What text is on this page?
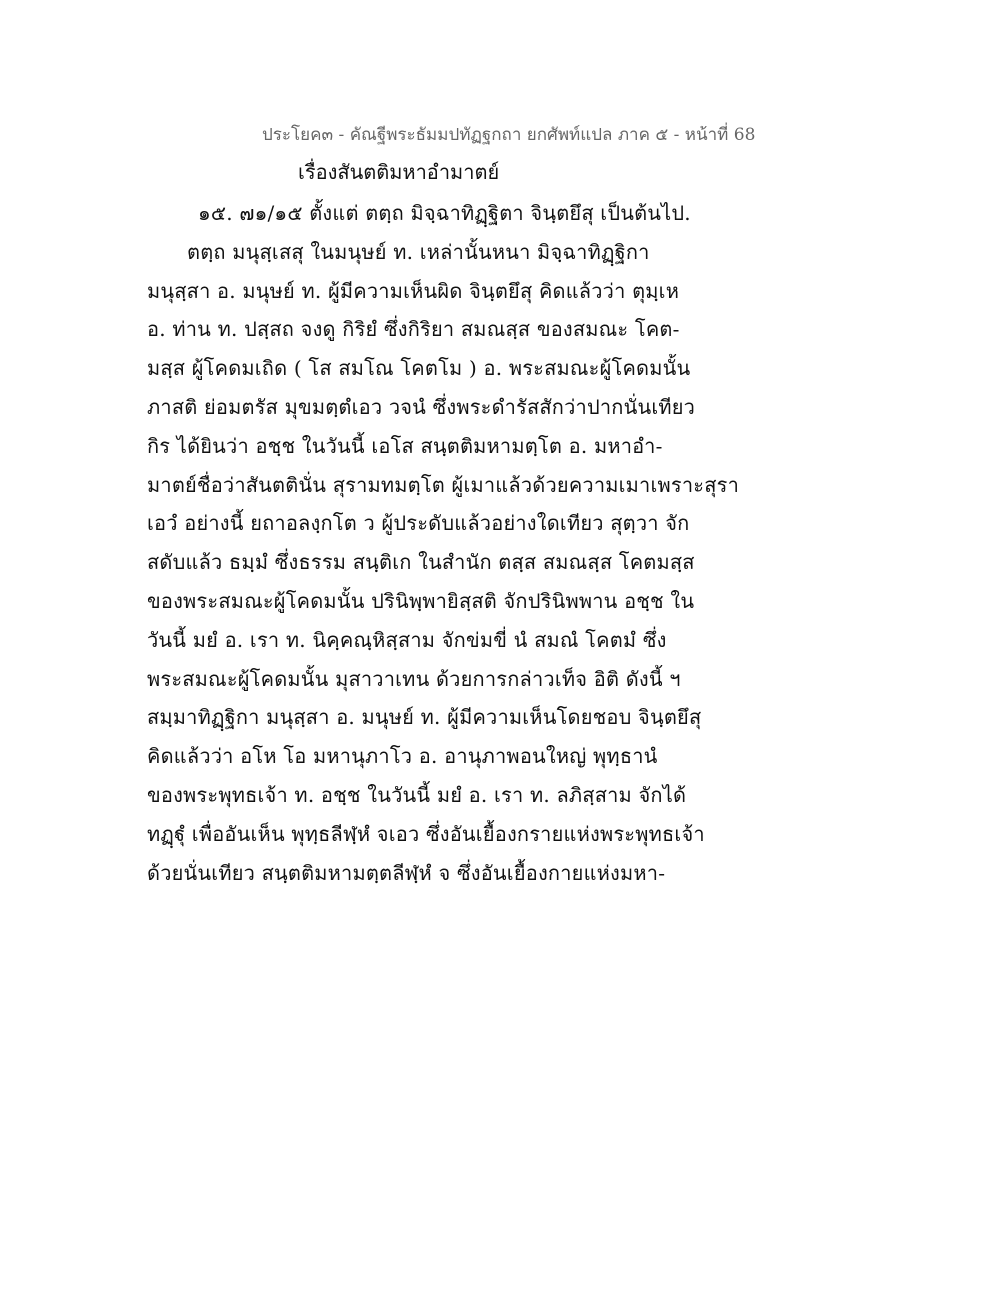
ประโยค๓ - คัณฐีพระธัมมปทัฏฐกถา ยกศัพท์แปล ภาค ๕ - หน้าที่ 68
เรื่องสันตติมหาอำมาตย์
๑๕. ๗๑/๑๕ ตั้งแต่ ตตฺถ มิจฺฉาทิฏฺฐิตา จินฺตยึสุ เป็นต้นไป.
ตตฺถ มนุสฺเสสุ ในมนุษย์ ท. เหล่านั้นหนา มิจฺฉาทิฏฺฐิกา
มนุสฺสา อ. มนุษย์ ท. ผู้มีความเห็นผิด จินฺตยึสุ คิดแล้วว่า ตุมฺเห
อ. ท่าน ท. ปสฺสถ จงดู กิริยํ ซึ่งกิริยา สมณสฺส ของสมณะ โคต-
มสฺส ผู้โคดมเถิด ( โส สมโณ โคตโม ) อ. พระสมณะผู้โคดมนั้น
ภาสติ ย่อมตรัส มุขมตฺตํเอว วจนํ ซึ่งพระดำรัสสักว่าปากนั่นเทียว
กิร ได้ยินว่า อชฺช ในวันนี้ เอโส สนฺตติมหามตฺโต อ. มหาอำ-
มาตย์ชื่อว่าสันตตินั่น สุรามทมตฺโต ผู้เมาแล้วด้วยความเมาเพราะสุรา
เอวํ อย่างนี้ ยถาอลงฺกโต ว ผู้ประดับแล้วอย่างใดเทียว สุตฺวา จัก
สดับแล้ว ธมฺมํ ซึ่งธรรม สนฺติเก ในสำนัก ตสฺส สมณสฺส โคตมสฺส
ของพระสมณะผู้โคดมนั้น ปรินิพฺพายิสฺสติ จักปรินิพพาน อชฺช ใน
วันนี้ มยํ อ. เรา ท. นิคฺคณฺหิสฺสาม จักข่มขี่ นํ สมณํ โคตมํ ซึ่ง
พระสมณะผู้โคดมนั้น มุสาวาเทน ด้วยการกล่าวเท็จ อิติ ดังนี้ ฯ
สมฺมาทิฏฺฐิกา มนุสฺสา อ. มนุษย์ ท. ผู้มีความเห็นโดยชอบ จินฺตยึสุ
คิดแล้วว่า อโห โอ มหานุภาโว อ. อานุภาพอนใหญ่ พุทฺธานํ
ของพระพุทธเจ้า ท. อชฺช ในวันนี้ มยํ อ. เรา ท. ลภิสฺสาม จักได้
ทฏฺฐุํ เพื่ออันเห็น พุทฺธลีฬฺหํ จเอว ซึ่งอันเยื้องกรายแห่งพระพุทธเจ้า
ด้วยนั่นเทียว สนฺตติมหามตฺตลีฬฺหํ จ ซึ่งอันเยื้องกายแห่งมหา-
